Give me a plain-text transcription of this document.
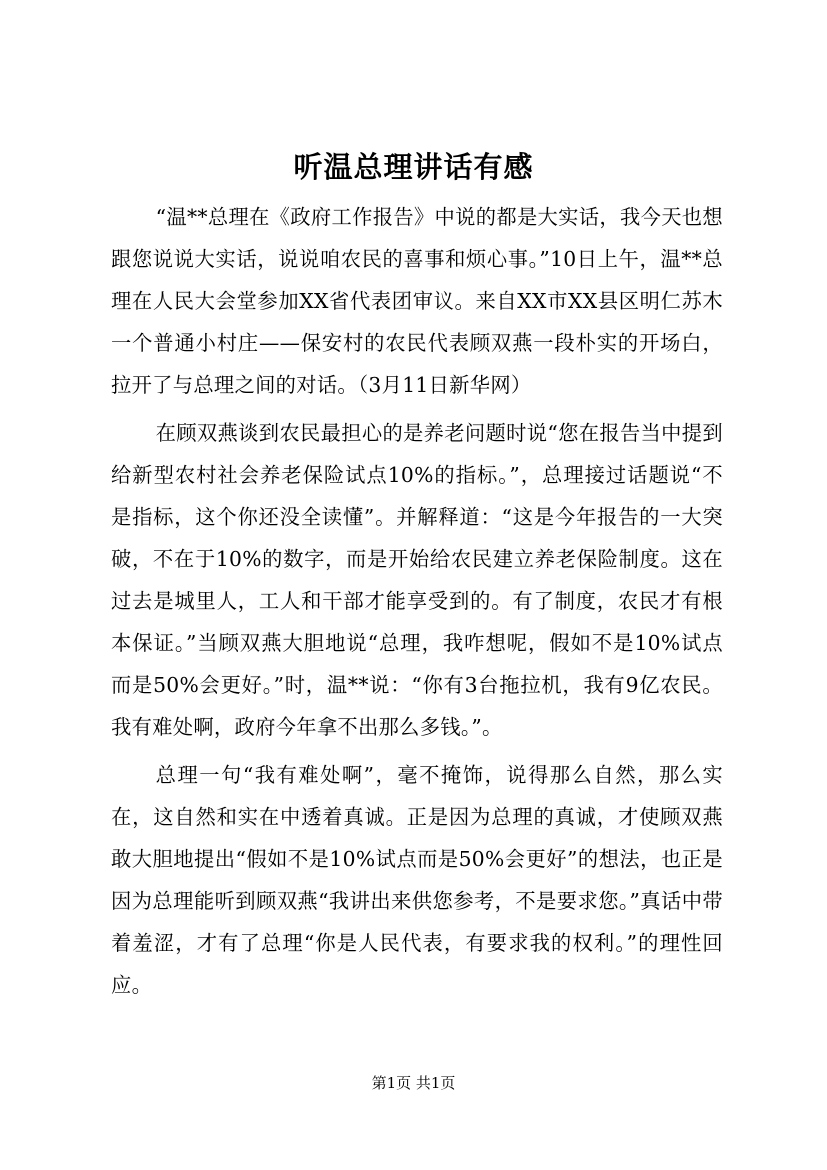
听温总理讲话有感

“温**总理在《政府工作报告》中说的都是大实话，我今天也想跟您说说大实话，说说咱农民的喜事和烦心事。”10日上午，温**总理在人民大会堂参加XX省代表团审议。来自XX市XX县区明仁苏木一个普通小村庄——保安村的农民代表顾双燕一段朴实的开场白，拉开了与总理之间的对话。（3月11日新华网）

在顾双燕谈到农民最担心的是养老问题时说“您在报告当中提到给新型农村社会养老保险试点10%的指标。”，总理接过话题说“不是指标，这个你还没全读懂”。并解释道：“这是今年报告的一大突破，不在于10%的数字，而是开始给农民建立养老保险制度。这在过去是城里人，工人和干部才能享受到的。有了制度，农民才有根本保证。”当顾双燕大胆地说“总理，我咋想呢，假如不是10%试点而是50%会更好。”时，温**说：“你有3台拖拉机，我有9亿农民。我有难处啊，政府今年拿不出那么多钱。”。

总理一句“我有难处啊”，毫不掩饰，说得那么自然，那么实在，这自然和实在中透着真诚。正是因为总理的真诚，才使顾双燕敢大胆地提出“假如不是10%试点而是50%会更好”的想法，也正是因为总理能听到顾双燕“我讲出来供您参考，不是要求您。”真话中带着羞涩，才有了总理“你是人民代表，有要求我的权利。”的理性回应。

第1页 共1页
